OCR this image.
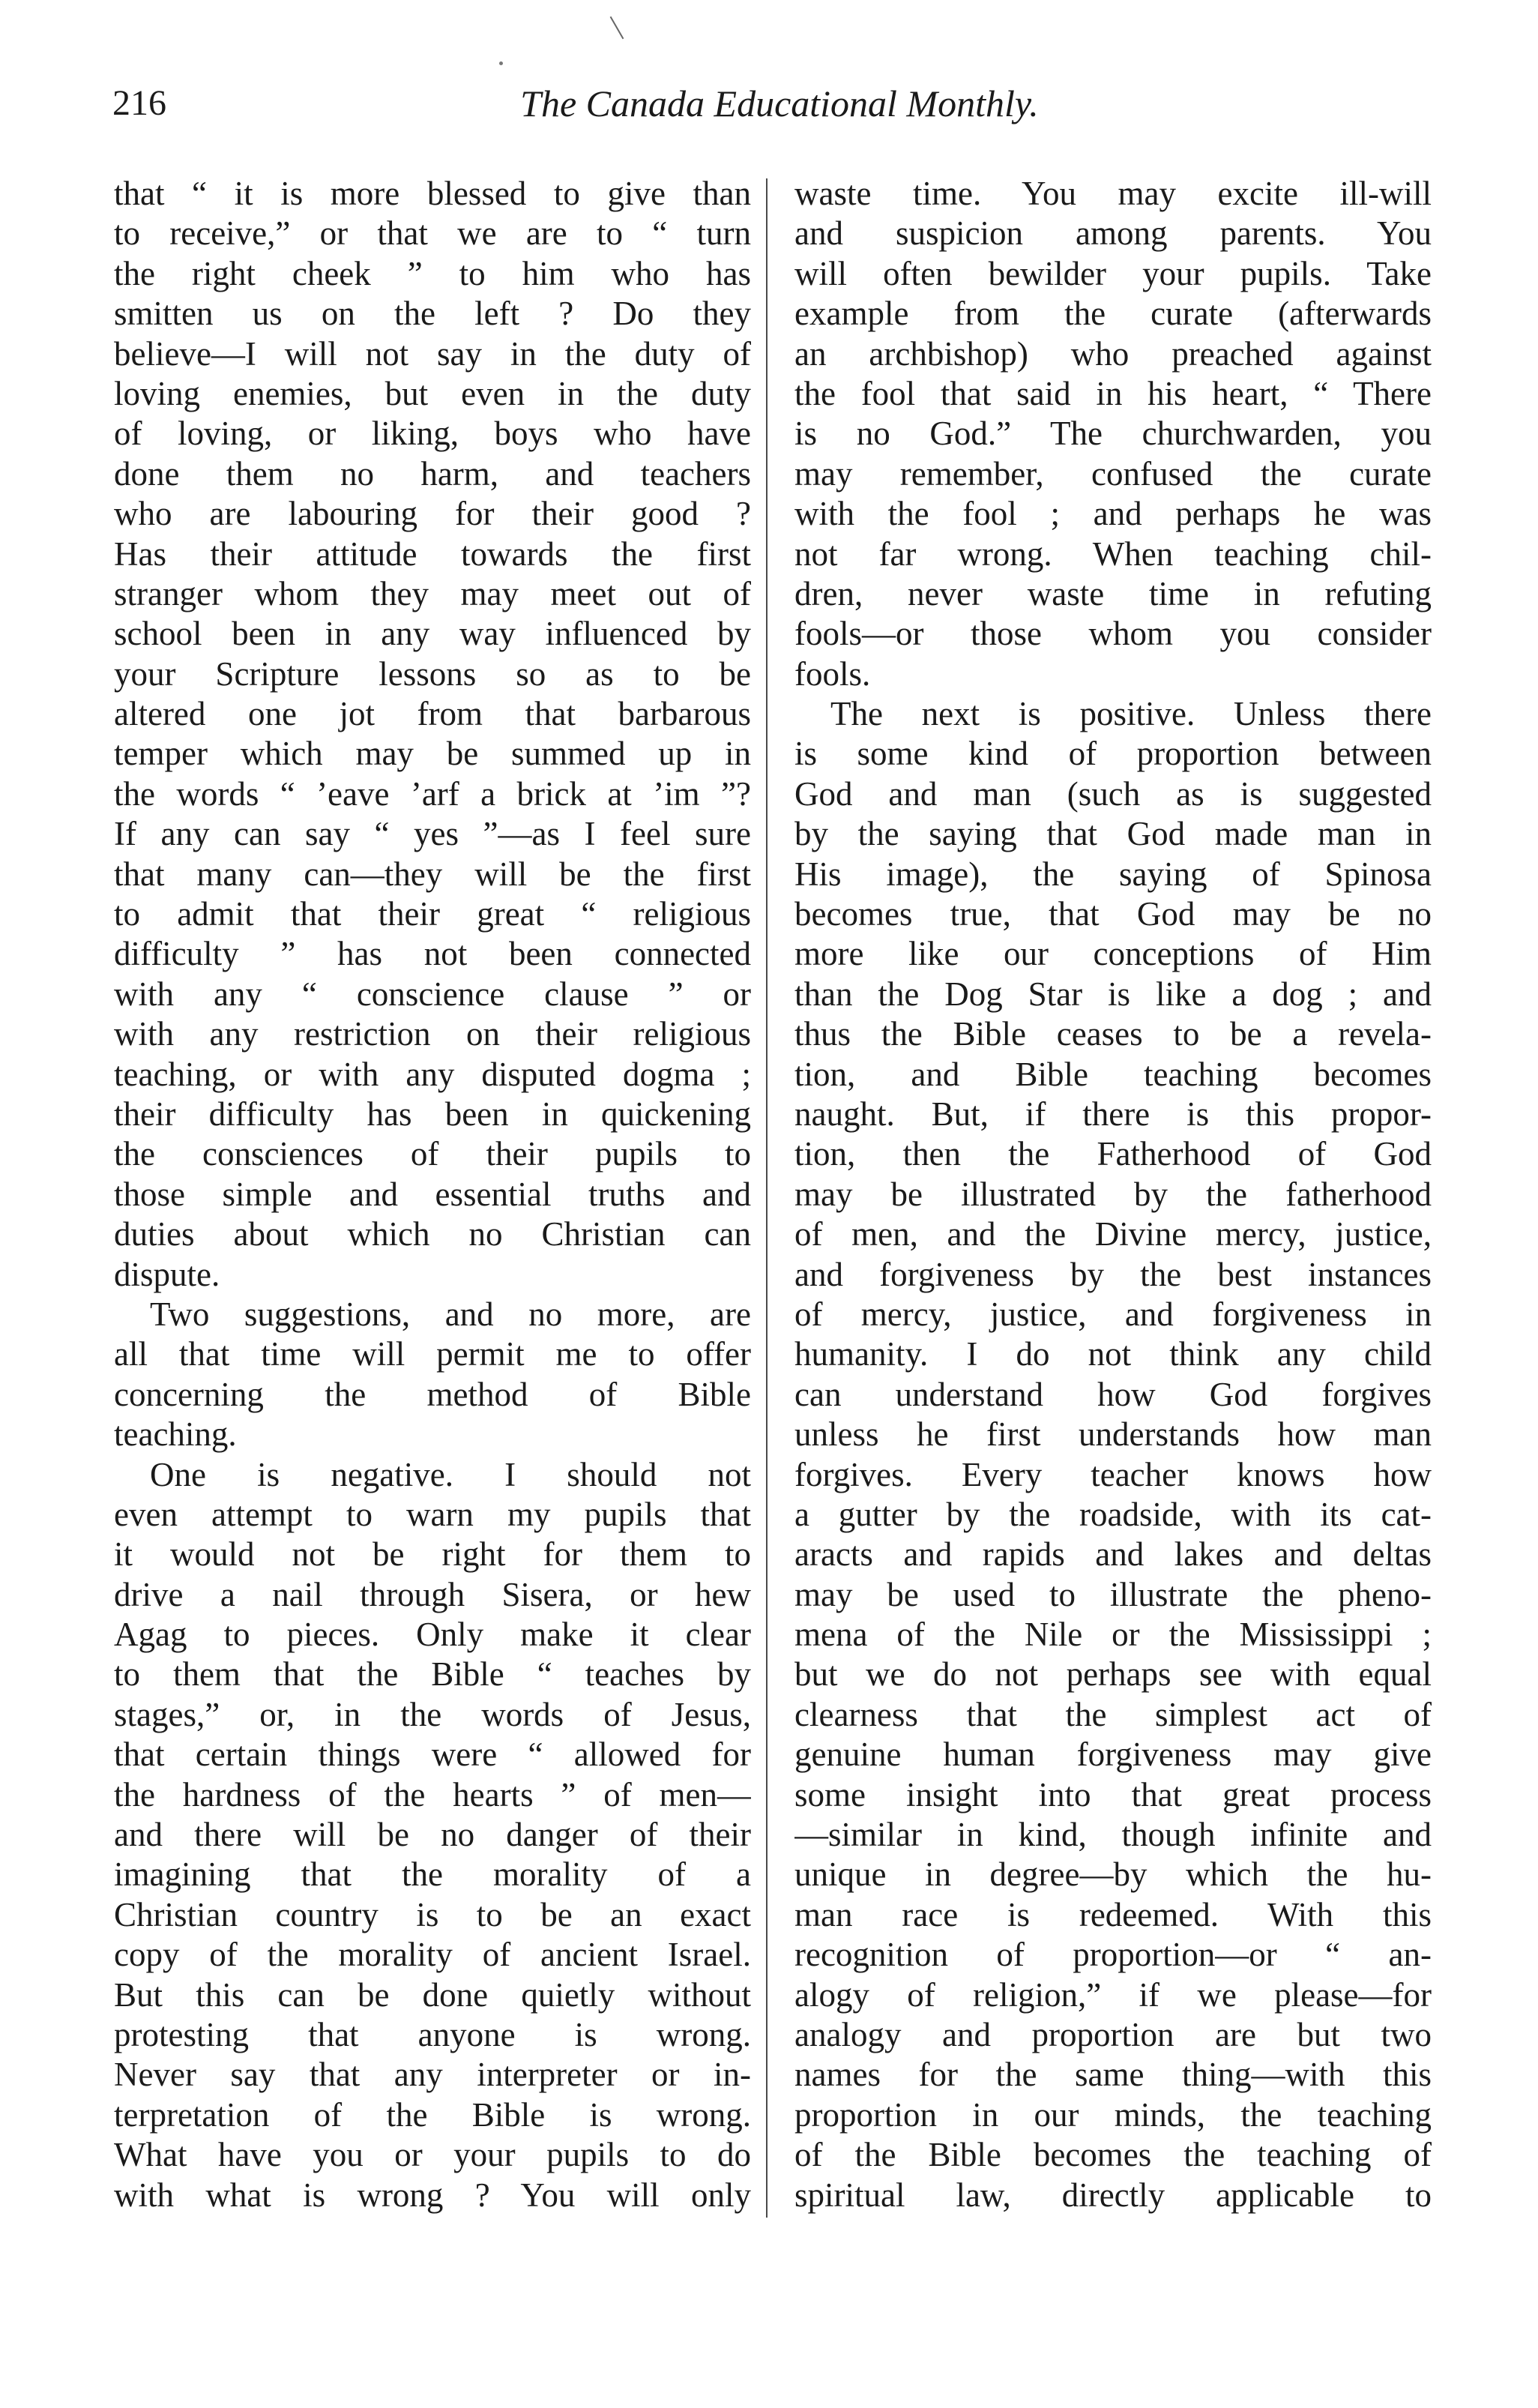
216	The Canada Educational Monthly.
that “ it is more blessed to give than
to receive,” or that we are to “ turn
the right cheek ” to him who has
smitten us on the left ? Do they
believe—I will not say in the duty of
loving enemies, but even in the duty
of loving, or liking, boys who have
done them no harm, and teachers
who are labouring for their good ?
Has their attitude towards the first
stranger whom they may meet out of
school been in any way influenced by
your Scripture lessons so as to be
altered one jot from that barbarous
temper which may be summed up in
the words “ ’eave ’arf a brick at ’im ”?
If any can say “ yes ”—as I feel sure
that many can—they will be the first
to admit that their great “ religious
difficulty ” has not been connected
with any “ conscience clause ” or
with any restriction on their religious
teaching, or with any disputed dogma ;
their difficulty has been in quickening
the consciences of their pupils to
those simple and essential truths and
duties about which no Christian can
dispute.
Two suggestions, and no more, are
all that time will permit me to offer
concerning the method of Bible
teaching.
One is negative. I should not
even attempt to warn my pupils that
it would not be right for them to
drive a nail through Sisera, or hew
Agag to pieces. Only make it clear
to them that the Bible “ teaches by
stages,” or, in the words of Jesus,
that certain things were “ allowed for
the hardness of the hearts ” of men—
and there will be no danger of their
imagining that the morality of a
Christian country is to be an exact
copy of the morality of ancient Israel.
But this can be done quietly without
protesting that anyone is wrong.
Never say that any interpreter or in-
terpretation of the Bible is wrong.
What have you or your pupils to do
with what is wrong ? You will only
waste time. You may excite ill-will
and suspicion among parents. You
will often bewilder your pupils. Take
example from the curate (afterwards
an archbishop) who preached against
the fool that said in his heart, “ There
is no God.” The churchwarden, you
may remember, confused the curate
with the fool ; and perhaps he was
not far wrong. When teaching chil-
dren, never waste time in refuting
fools—or those whom you consider
fools.
The next is positive. Unless there
is some kind of proportion between
God and man (such as is suggested
by the saying that God made man in
His image), the saying of Spinosa
becomes true, that God may be no
more like our conceptions of Him
than the Dog Star is like a dog ; and
thus the Bible ceases to be a revela-
tion, and Bible teaching becomes
naught. But, if there is this propor-
tion, then the Fatherhood of God
may be illustrated by the fatherhood
of men, and the Divine mercy, justice,
and forgiveness by the best instances
of mercy, justice, and forgiveness in
humanity. I do not think any child
can understand how God forgives
unless he first understands how man
forgives. Every teacher knows how
a gutter by the roadside, with its cat-
aracts and rapids and lakes and deltas
may be used to illustrate the pheno-
mena of the Nile or the Mississippi ;
but we do not perhaps see with equal
clearness that the simplest act of
genuine human forgiveness may give
some insight into that great process
—similar in kind, though infinite and
unique in degree—by which the hu-
man race is redeemed. With this
recognition of proportion—or “ an-
alogy of religion,” if we please—for
analogy and proportion are but two
names for the same thing—with this
proportion in our minds, the teaching
of the Bible becomes the teaching of
spiritual law, directly applicable to
